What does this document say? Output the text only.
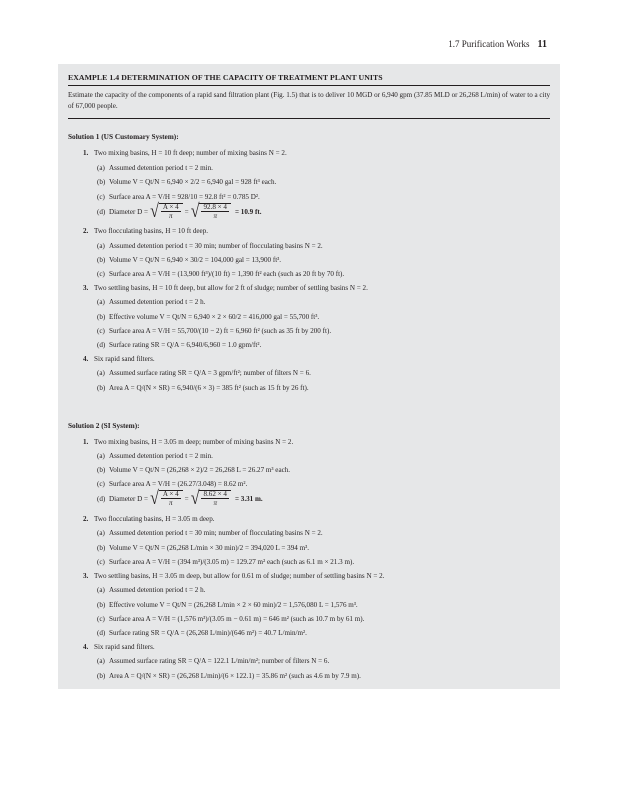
1.7 Purification Works 11
EXAMPLE 1.4 DETERMINATION OF THE CAPACITY OF TREATMENT PLANT UNITS
Estimate the capacity of the components of a rapid sand filtration plant (Fig. 1.5) that is to deliver 10 MGD or 6,940 gpm (37.85 MLD or 26,268 L/min) of water to a city of 67,000 people.
Solution 1 (US Customary System):
1. Two mixing basins, H = 10 ft deep; number of mixing basins N = 2.
(a) Assumed detention period t = 2 min.
(b) Volume V = Qt/N = 6,940 × 2/2 = 6,940 gal = 928 ft³ each.
(c) Surface area A = V/H = 928/10 = 92.8 ft² = 0.785 D².
(d) Diameter D = √ $\frac{A \times 4}{\pi}$ = √ $\frac{92.8 \times 4}{\pi} = 10.9$ ft.
2. Two flocculating basins, H = 10 ft deep.
(a) Assumed detention period t = 30 min; number of flocculating basins N = 2.
(b) Volume V = Qt/N = 6,940 × 30/2 = 104,000 gal = 13,900 ft³.
(c) Surface area A = V/H = (13,900 ft³)/(10 ft) = 1,390 ft² each (such as 20 ft by 70 ft).
3. Two settling basins, H = 10 ft deep, but allow for 2 ft of sludge; number of settling basins N = 2.
(a) Assumed detention period t = 2 h.
(b) Effective volume V = Qt/N = 6,940 × 2 × 60/2 = 416,000 gal = 55,700 ft³.
(c) Surface area A = V/H = 55,700/(10 − 2) ft = 6,960 ft² (such as 35 ft by 200 ft).
(d) Surface rating SR = Q/A = 6,940/6,960 = 1.0 gpm/ft².
4. Six rapid sand filters.
(a) Assumed surface rating SR = Q/A = 3 gpm/ft²; number of filters N = 6.
(b) Area A = Q/(N × SR) = 6,940/(6 × 3) = 385 ft² (such as 15 ft by 26 ft).
Solution 2 (SI System):
1. Two mixing basins, H = 3.05 m deep; number of mixing basins N = 2.
(a) Assumed detention period t = 2 min.
(b) Volume V = Qt/N = (26,268 × 2)/2 = 26,268 L = 26.27 m³ each.
(c) Surface area A = V/H = (26.27/3.048) = 8.62 m².
(d) Diameter D = √ $\frac{A \times 4}{\pi}$ = √ $\frac{8.62 \times 4}{\pi} = 3.31$ m.
2. Two flocculating basins, H = 3.05 m deep.
(a) Assumed detention period t = 30 min; number of flocculating basins N = 2.
(b) Volume V = Qt/N = (26,268 L/min × 30 min)/2 = 394,020 L = 394 m³.
(c) Surface area A = V/H = (394 m³)/(3.05 m) = 129.27 m² each (such as 6.1 m × 21.3 m).
3. Two settling basins, H = 3.05 m deep, but allow for 0.61 m of sludge; number of settling basins N = 2.
(a) Assumed detention period t = 2 h.
(b) Effective volume V = Qt/N = (26,268 L/min × 2 × 60 min)/2 = 1,576,080 L = 1,576 m³.
(c) Surface area A = V/H = (1,576 m³)/(3.05 m − 0.61 m) = 646 m² (such as 10.7 m by 61 m).
(d) Surface rating SR = Q/A = (26,268 L/min)/(646 m²) = 40.7 L/min/m².
4. Six rapid sand filters.
(a) Assumed surface rating SR = Q/A = 122.1 L/min/m²; number of filters N = 6.
(b) Area A = Q/(N × SR) = (26,268 L/min)/(6 × 122.1) = 35.86 m² (such as 4.6 m by 7.9 m).
